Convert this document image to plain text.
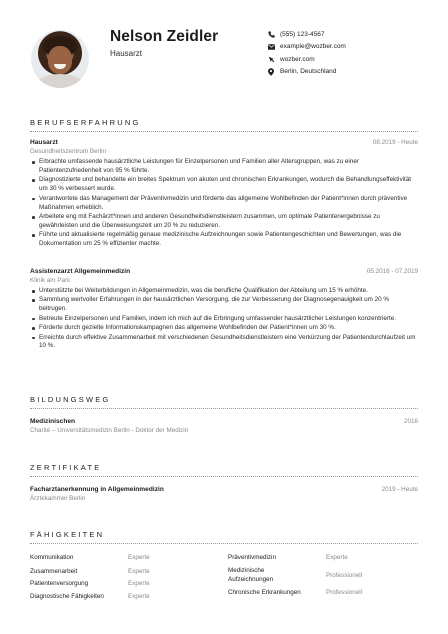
Nelson Zeidler
Hausarzt
(555) 123-4567
example@wozber.com
wozber.com
Berlin, Deutschland
BERUFSERFAHRUNG
Hausarzt	08.2019 - Heute
Gesundheitszentrum Berlin
Erbrachte umfassende hausärztliche Leistungen für Einzelpersonen und Familien aller Altersgruppen, was zu einer Patientenzufriedenheit von 95 % führte.
Diagnostizierte und behandelte ein breites Spektrum von akuten und chronischen Erkrankungen, wodurch die Behandlungseffektivität um 30 % verbessert wurde.
Verantwortete das Management der Präventivmedizin und förderte das allgemeine Wohlbefinden der Patient*innen durch präventive Maßnahmen erheblich.
Arbeitete eng mit Fachärzt*innen und anderen Gesundheitsdienstleistern zusammen, um optimale Patientenergebnisse zu gewährleisten und die Überweisungszeit um 20 % zu reduzieren.
Führte und aktualisierte regelmäßig genaue medizinische Aufzeichnungen sowie Patientengeschichten und Bewertungen, was die Dokumentation um 25 % effizienter machte.
Assistenzarzt Allgemeinmedizin	05.2016 - 07.2019
Klinik am Park
Unterstützte bei Weiterbildungen in Allgemeinmedizin, was die berufliche Qualifikation der Abteilung um 15 % erhöhte.
Sammlung wertvoller Erfahrungen in der hausärztlichen Versorgung, die zur Verbesserung der Diagnosegenauigkeit um 20 % beitrugen.
Betreute Einzelpersonen und Familien, indem ich mich auf die Erbringung umfassender hausärztlicher Leistungen konzentrierte.
Förderte durch gezielte Informationskampagnen das allgemeine Wohlbefinden der Patient*innen um 30 %.
Erreichte durch effektive Zusammenarbeit mit verschiedenen Gesundheitsdienstleistern eine Verkürzung der Patientendurchlaufzeit um 10 %.
BILDUNGSWEG
Medizinischen	2016
Charité – Universitätsmedizin Berlin - Doktor der Medizin
ZERTIFIKATE
Facharztanerkennung in Allgemeinmedizin	2019 - Heute
Ärztekammer Berlin
FÄHIGKEITEN
Kommunikation	Experte
Zusammenarbeit	Experte
Patientenversorgung	Experte
Diagnostische Fähigkeiten	Experte
Präventivmedizin	Experte
Medizinische Aufzeichnungen	Professionell
Chronische Erkrankungen	Professionell
